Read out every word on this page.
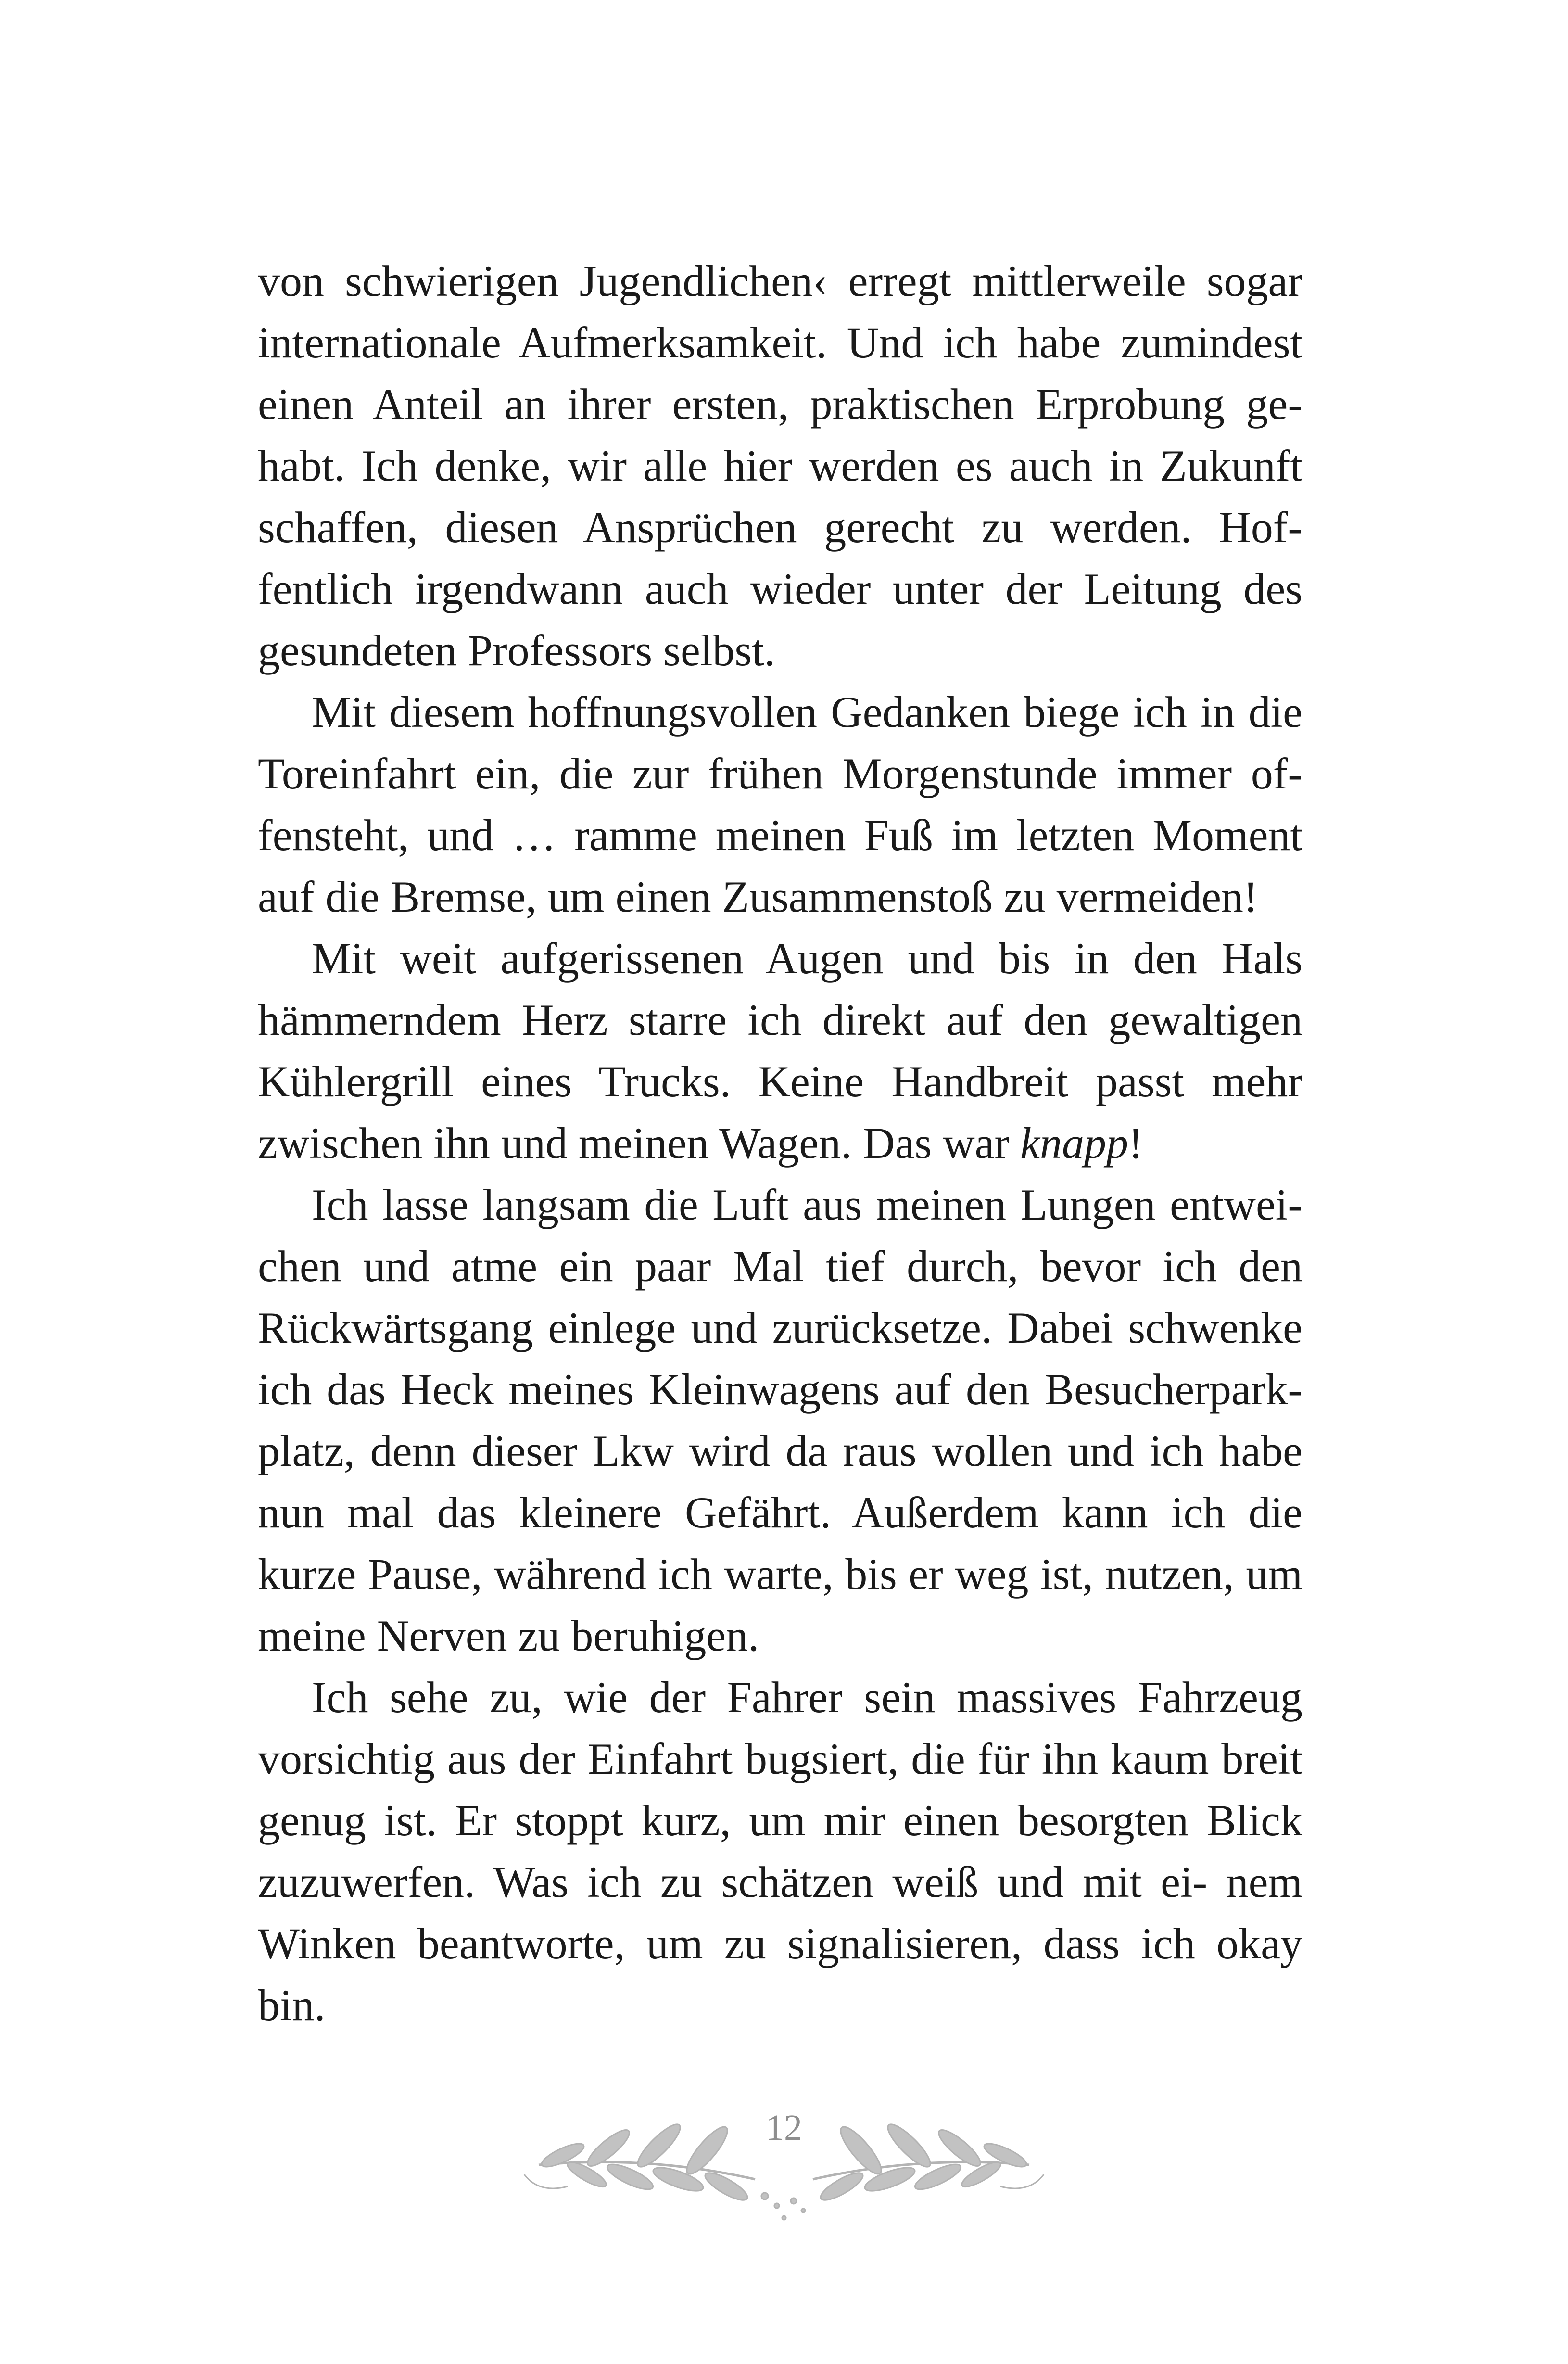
von schwierigen Jugendlichen‹ erregt mittlerweile sogar internationale Aufmerksamkeit. Und ich habe zumindest einen Anteil an ihrer ersten, praktischen Erprobung ge- habt. Ich denke, wir alle hier werden es auch in Zukunft schaffen, diesen Ansprüchen gerecht zu werden. Hof- fentlich irgendwann auch wieder unter der Leitung des gesundeten Professors selbst.

Mit diesem hoffnungsvollen Gedanken biege ich in die Toreinfahrt ein, die zur frühen Morgenstunde immer of- fensteht, und … ramme meinen Fuß im letzten Moment auf die Bremse, um einen Zusammenstoß zu vermeiden!

Mit weit aufgerissenen Augen und bis in den Hals hämmerndem Herz starre ich direkt auf den gewaltigen Kühlergrill eines Trucks. Keine Handbreit passt mehr zwischen ihn und meinen Wagen. Das war knapp!

Ich lasse langsam die Luft aus meinen Lungen entwei- chen und atme ein paar Mal tief durch, bevor ich den Rückwärtsgang einlege und zurücksetze. Dabei schwenke ich das Heck meines Kleinwagens auf den Besucherpark- platz, denn dieser Lkw wird da raus wollen und ich habe nun mal das kleinere Gefährt. Außerdem kann ich die kurze Pause, während ich warte, bis er weg ist, nutzen, um meine Nerven zu beruhigen.

Ich sehe zu, wie der Fahrer sein massives Fahrzeug vorsichtig aus der Einfahrt bugsiert, die für ihn kaum breit genug ist. Er stoppt kurz, um mir einen besorgten Blick zuzuwerfen. Was ich zu schätzen weiß und mit ei- nem Winken beantworte, um zu signalisieren, dass ich okay bin.

12
